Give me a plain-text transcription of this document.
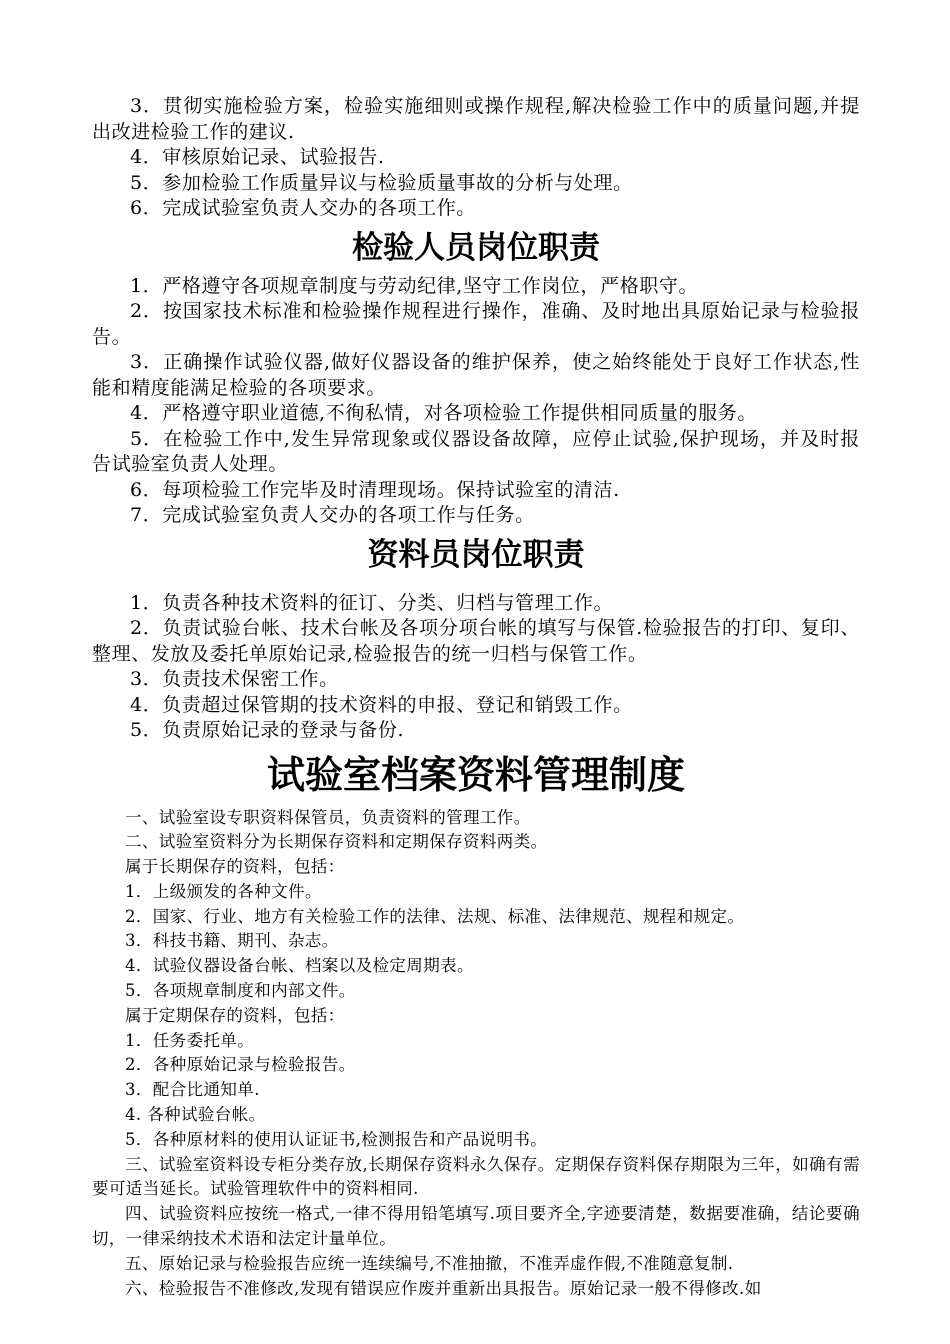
3．贯彻实施检验方案，检验实施细则或操作规程,解决检验工作中的质量问题,并提出改进检验工作的建议.

4．审核原始记录、试验报告.

5．参加检验工作质量异议与检验质量事故的分析与处理。

6．完成试验室负责人交办的各项工作。

检验人员岗位职责

1．严格遵守各项规章制度与劳动纪律,坚守工作岗位，严格职守。

2．按国家技术标准和检验操作规程进行操作，准确、及时地出具原始记录与检验报告。

3．正确操作试验仪器,做好仪器设备的维护保养，使之始终能处于良好工作状态,性能和精度能满足检验的各项要求。

4．严格遵守职业道德,不徇私情，对各项检验工作提供相同质量的服务。

5．在检验工作中,发生异常现象或仪器设备故障，应停止试验,保护现场，并及时报告试验室负责人处理。

6．每项检验工作完毕及时清理现场。保持试验室的清洁.

7．完成试验室负责人交办的各项工作与任务。

资料员岗位职责

1．负责各种技术资料的征订、分类、归档与管理工作。

2．负责试验台帐、技术台帐及各项分项台帐的填写与保管.检验报告的打印、复印、整理、发放及委托单原始记录,检验报告的统一归档与保管工作。

3．负责技术保密工作。

4．负责超过保管期的技术资料的申报、登记和销毁工作。

5．负责原始记录的登录与备份.

试验室档案资料管理制度

一、试验室设专职资料保管员，负责资料的管理工作。

二、试验室资料分为长期保存资料和定期保存资料两类。

属于长期保存的资料，包括：

1．上级颁发的各种文件。

2．国家、行业、地方有关检验工作的法律、法规、标准、法律规范、规程和规定。

3．科技书籍、期刊、杂志。

4．试验仪器设备台帐、档案以及检定周期表。

5．各项规章制度和内部文件。

属于定期保存的资料，包括：

1．任务委托单。

2．各种原始记录与检验报告。

3．配合比通知单.

4. 各种试验台帐。

5．各种原材料的使用认证证书,检测报告和产品说明书。

三、试验室资料设专柜分类存放,长期保存资料永久保存。定期保存资料保存期限为三年，如确有需要可适当延长。试验管理软件中的资料相同.

四、试验资料应按统一格式,一律不得用铅笔填写.项目要齐全,字迹要清楚，数据要准确，结论要确切，一律采纳技术术语和法定计量单位。

五、原始记录与检验报告应统一连续编号,不准抽撤，不准弄虚作假,不准随意复制.

六、检验报告不准修改,发现有错误应作废并重新出具报告。原始记录一般不得修改.如
